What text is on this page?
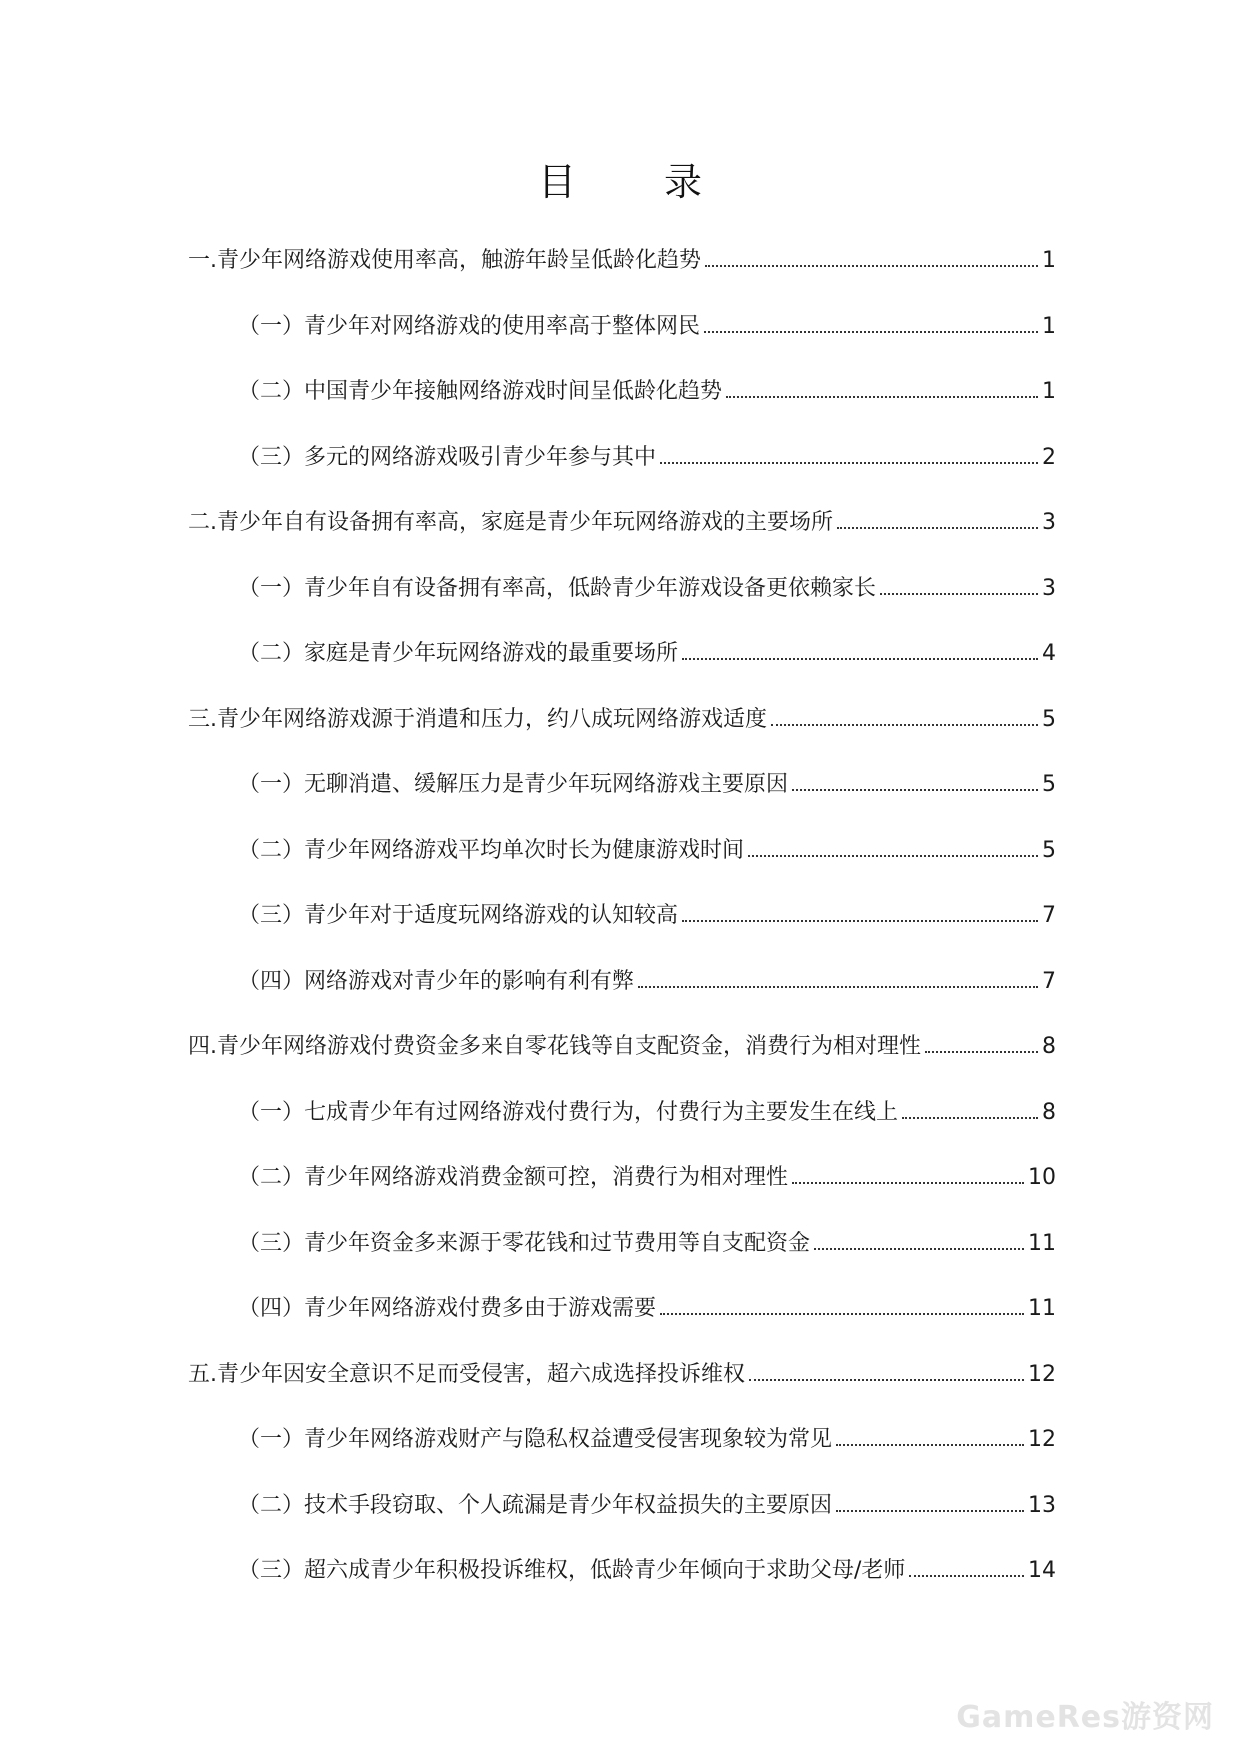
目 录
一.青少年网络游戏使用率高，触游年龄呈低龄化趋势	1
（一）青少年对网络游戏的使用率高于整体网民	1
（二）中国青少年接触网络游戏时间呈低龄化趋势	1
（三）多元的网络游戏吸引青少年参与其中	2
二.青少年自有设备拥有率高，家庭是青少年玩网络游戏的主要场所	3
（一）青少年自有设备拥有率高，低龄青少年游戏设备更依赖家长	3
（二）家庭是青少年玩网络游戏的最重要场所	4
三.青少年网络游戏源于消遣和压力，约八成玩网络游戏适度	5
（一）无聊消遣、缓解压力是青少年玩网络游戏主要原因	5
（二）青少年网络游戏平均单次时长为健康游戏时间	5
（三）青少年对于适度玩网络游戏的认知较高	7
（四）网络游戏对青少年的影响有利有弊	7
四.青少年网络游戏付费资金多来自零花钱等自支配资金，消费行为相对理性	8
（一）七成青少年有过网络游戏付费行为，付费行为主要发生在线上	8
（二）青少年网络游戏消费金额可控，消费行为相对理性	10
（三）青少年资金多来源于零花钱和过节费用等自支配资金	11
（四）青少年网络游戏付费多由于游戏需要	11
五.青少年因安全意识不足而受侵害，超六成选择投诉维权	12
（一）青少年网络游戏财产与隐私权益遭受侵害现象较为常见	12
（二）技术手段窃取、个人疏漏是青少年权益损失的主要原因	13
（三）超六成青少年积极投诉维权，低龄青少年倾向于求助父母/老师	14
GameRes游资网
